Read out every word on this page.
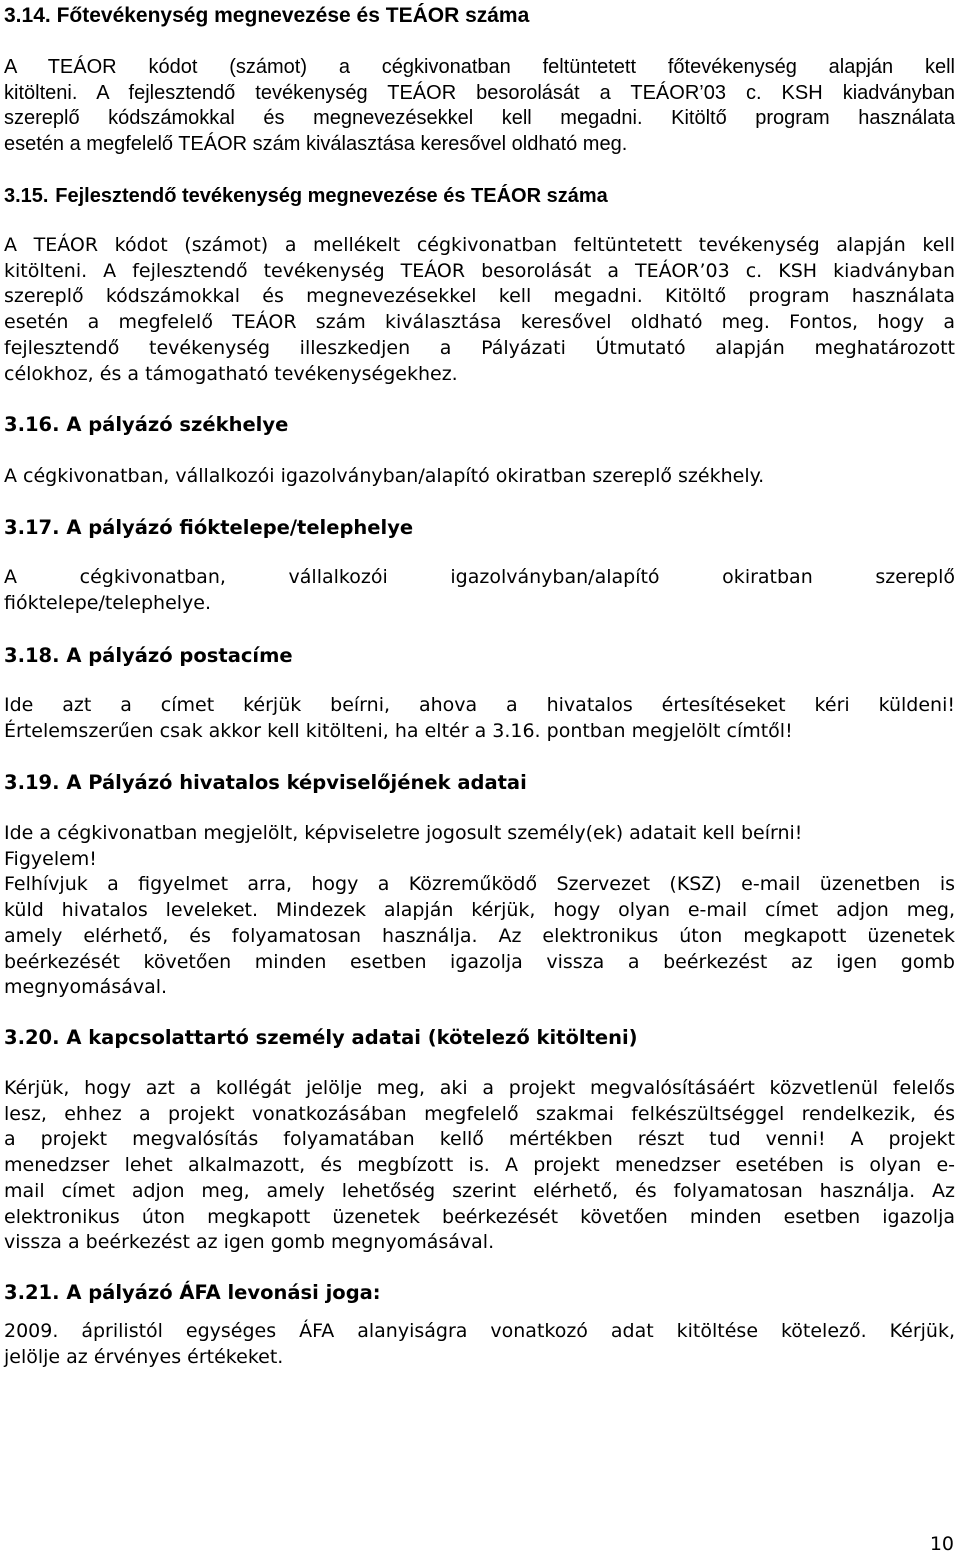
3.14. Főtevékenység megnevezése és TEÁOR száma
A TEÁOR kódot (számot) a cégkivonatban feltüntetett főtevékenység alapján kell
kitölteni. A fejlesztendő tevékenység TEÁOR besorolását a TEÁOR’03 c. KSH kiadványban
szereplő kódszámokkal és megnevezésekkel kell megadni. Kitöltő program használata
esetén a megfelelő TEÁOR szám kiválasztása keresővel oldható meg.
3.15. Fejlesztendő tevékenység megnevezése és TEÁOR száma
A TEÁOR kódot (számot) a mellékelt cégkivonatban feltüntetett tevékenység alapján kell
kitölteni. A fejlesztendő tevékenység TEÁOR besorolását a TEÁOR’03 c. KSH kiadványban
szereplő kódszámokkal és megnevezésekkel kell megadni. Kitöltő program használata
esetén a megfelelő TEÁOR szám kiválasztása keresővel oldható meg. Fontos, hogy a
fejlesztendő tevékenység illeszkedjen a Pályázati Útmutató alapján meghatározott
célokhoz, és a támogatható tevékenységekhez.
3.16. A pályázó székhelye
A cégkivonatban, vállalkozói igazolványban/alapító okiratban szereplő székhely.
3.17. A pályázó fióktelepe/telephelye
A cégkivonatban, vállalkozói igazolványban/alapító okiratban szereplő
fióktelepe/telephelye.
3.18. A pályázó postacíme
Ide azt a címet kérjük beírni, ahova a hivatalos értesítéseket kéri küldeni!
Értelemszerűen csak akkor kell kitölteni, ha eltér a 3.16. pontban megjelölt címtől!
3.19. A Pályázó hivatalos képviselőjének adatai
Ide a cégkivonatban megjelölt, képviseletre jogosult személy(ek) adatait kell beírni!
Figyelem!
Felhívjuk a figyelmet arra, hogy a Közreműködő Szervezet (KSZ) e-mail üzenetben is
küld hivatalos leveleket. Mindezek alapján kérjük, hogy olyan e-mail címet adjon meg,
amely elérhető, és folyamatosan használja. Az elektronikus úton megkapott üzenetek
beérkezését követően minden esetben igazolja vissza a beérkezést az igen gomb
megnyomásával.
3.20. A kapcsolattartó személy adatai (kötelező kitölteni)
Kérjük, hogy azt a kollégát jelölje meg, aki a projekt megvalósításáért közvetlenül felelős
lesz, ehhez a projekt vonatkozásában megfelelő szakmai felkészültséggel rendelkezik, és
a projekt megvalósítás folyamatában kellő mértékben részt tud venni! A projekt
menedzser lehet alkalmazott, és megbízott is. A projekt menedzser esetében is olyan e-
mail címet adjon meg, amely lehetőség szerint elérhető, és folyamatosan használja. Az
elektronikus úton megkapott üzenetek beérkezését követően minden esetben igazolja
vissza a beérkezést az igen gomb megnyomásával.
3.21. A pályázó ÁFA levonási joga:
2009. áprilistól egységes ÁFA alanyiságra vonatkozó adat kitöltése kötelező. Kérjük,
jelölje az érvényes értékeket.
10
